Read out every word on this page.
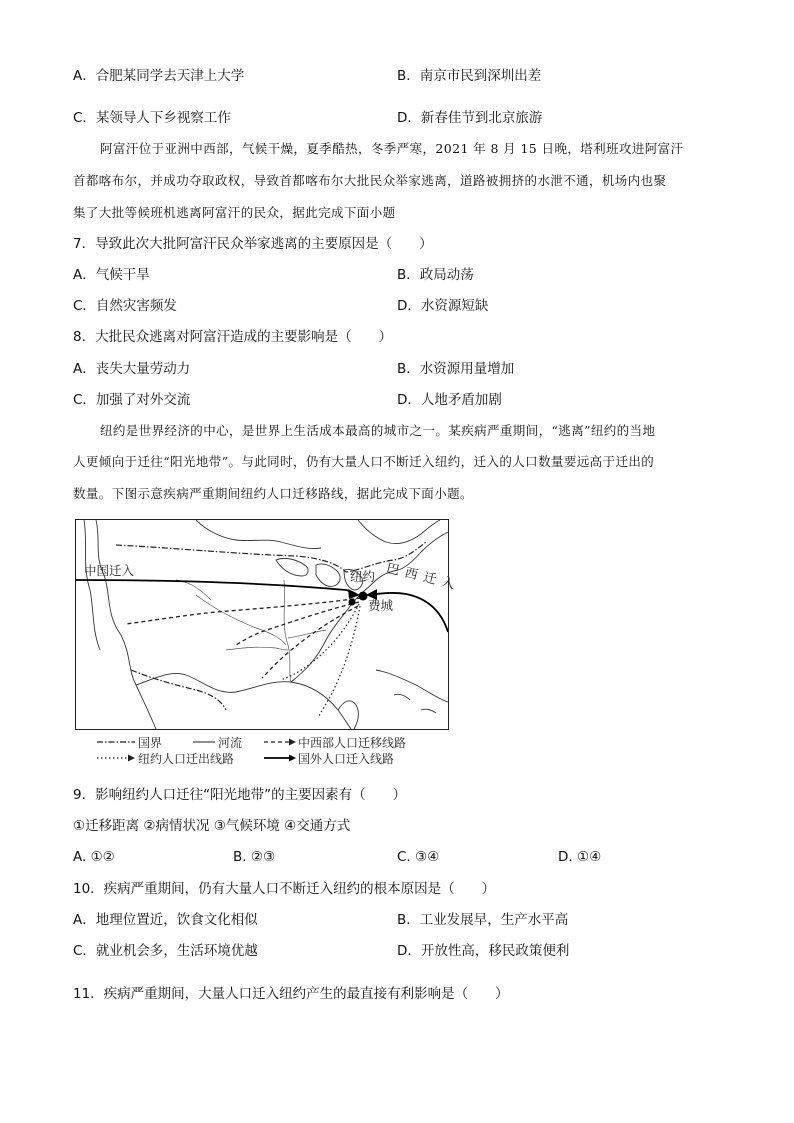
A．合肥某同学去天津上大学	B．南京市民到深圳出差
C．某领导人下乡视察工作	D．新春佳节到北京旅游
阿富汗位于亚洲中西部，气候干燥，夏季酷热，冬季严寒，2021 年 8 月 15 日晚，塔利班攻进阿富汗
首都喀布尔，并成功夺取政权，导致首都喀布尔大批民众举家逃离，道路被拥挤的水泄不通，机场内也聚
集了大批等候班机逃离阿富汗的民众，据此完成下面小题
7．导致此次大批阿富汗民众举家逃离的主要原因是（　　）
A．气候干旱	B．政局动荡
C．自然灾害频发	D．水资源短缺
8．大批民众逃离对阿富汗造成的主要影响是（　　）
A．丧失大量劳动力	B．水资源用量增加
C．加强了对外交流	D．人地矛盾加剧
纽约是世界经济的中心，是世界上生活成本最高的城市之一。某疾病严重期间，“逃离”纽约的当地
人更倾向于迁往“阳光地带”。与此同时，仍有大量人口不断迁入纽约，迁入的人口数量要远高于迁出的
数量。下图示意疾病严重期间纽约人口迁移路线，据此完成下面小题。
中国迁入	纽约
费城
巴西迁入
国界	河流	中西部人口迁移线路
纽约人口迁出线路	国外人口迁入线路
9．影响纽约人口迁往“阳光地带”的主要因素有（　　）
①迁移距离 ②病情状况 ③气候环境 ④交通方式
A. ①②	B. ②③	C. ③④	D. ①④
10．疾病严重期间，仍有大量人口不断迁入纽约的根本原因是（　　）
A．地理位置近，饮食文化相似	B．工业发展早，生产水平高
C．就业机会多，生活环境优越	D．开放性高，移民政策便利
11．疾病严重期间，大量人口迁入纽约产生的最直接有利影响是（　　）
